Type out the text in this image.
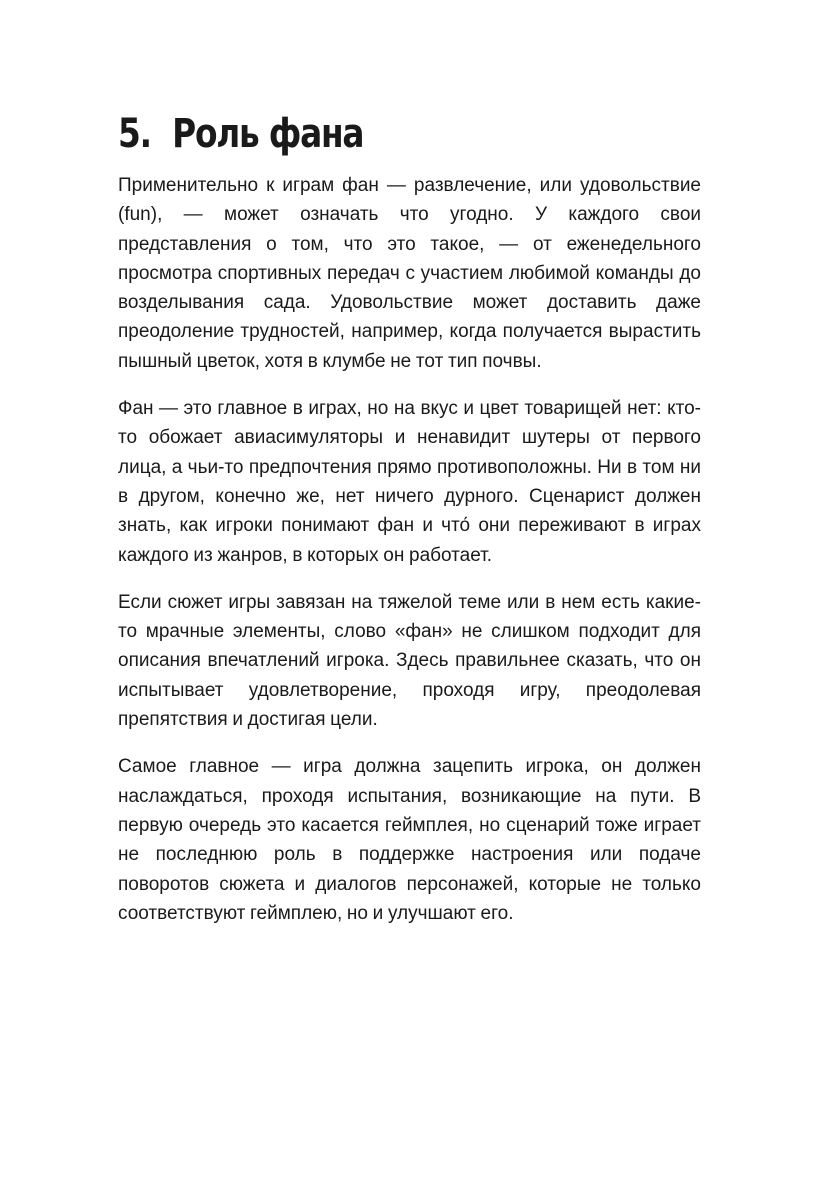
5. Роль фана

Применительно к играм фан — развлечение, или удовольствие (fun), — может означать что угодно. У каждого свои представления о том, что это такое, — от еженедельного просмотра спортивных передач с участием любимой команды до возделывания сада. Удовольствие может доставить даже преодоление трудностей, например, когда получается вырастить пышный цветок, хотя в клумбе не тот тип почвы.

Фан — это главное в играх, но на вкус и цвет товарищей нет: кто-то обожает авиасимуляторы и ненавидит шутеры от первого лица, а чьи-то предпочтения прямо противоположны. Ни в том ни в другом, конечно же, нет ничего дурного. Сценарист должен знать, как игроки понимают фан и что́ они переживают в играх каждого из жанров, в которых он работает.

Если сюжет игры завязан на тяжелой теме или в нем есть какие-то мрачные элементы, слово «фан» не слишком подходит для описания впечатлений игрока. Здесь правильнее сказать, что он испытывает удовлетворение, проходя игру, преодолевая препятствия и достигая цели.

Самое главное — игра должна зацепить игрока, он должен наслаждаться, проходя испытания, возникающие на пути. В первую очередь это касается геймплея, но сценарий тоже играет не последнюю роль в поддержке настроения или подаче поворотов сюжета и диалогов персонажей, которые не только соответствуют геймплею, но и улучшают его.
